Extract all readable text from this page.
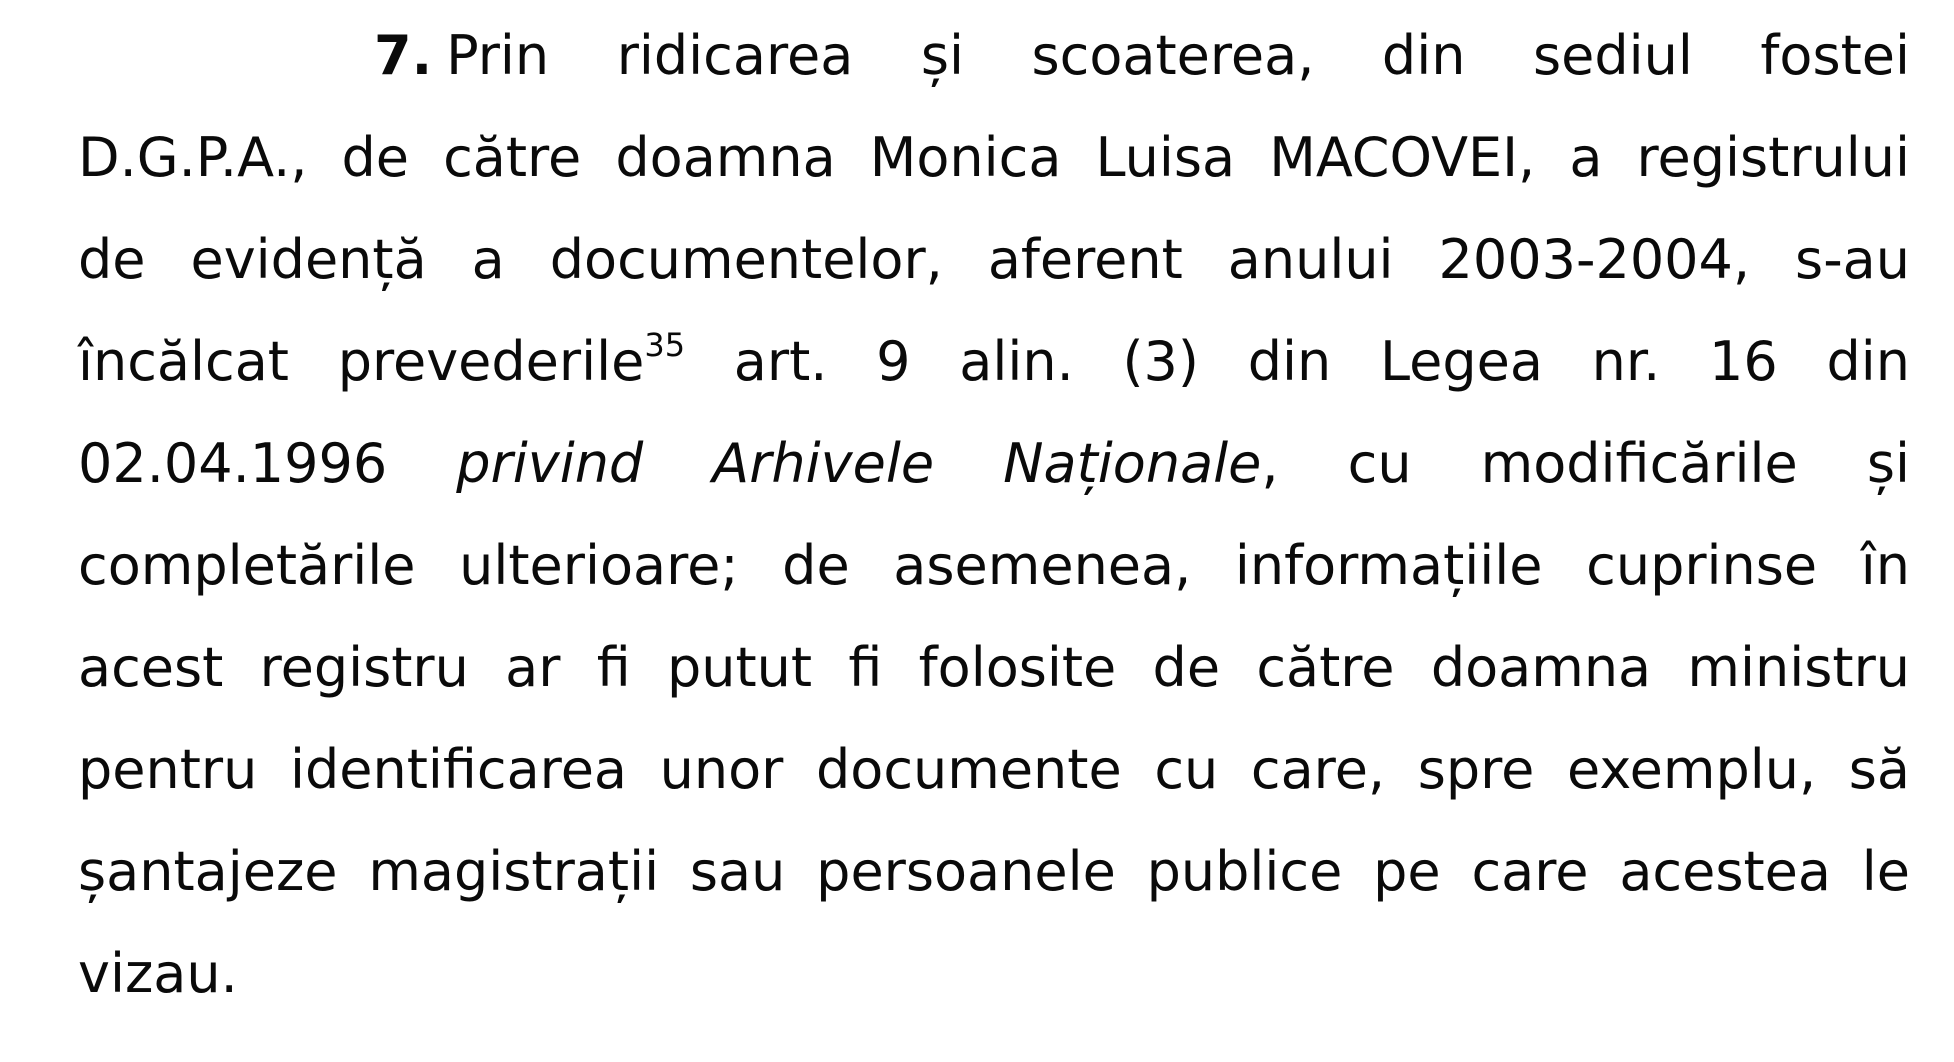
7. Prin ridicarea și scoaterea, din sediul fostei
D.G.P.A., de către doamna Monica Luisa MACOVEI, a registrului
de evidență a documentelor, aferent anului 2003-2004, s-au
încălcat prevederile$^{35}$ art. 9 alin. (3) din Legea nr. 16 din
02.04.1996 privind Arhivele Naționale, cu modificările și
completările ulterioare; de asemenea, informațiile cuprinse în
acest registru ar fi putut fi folosite de către doamna ministru
pentru identificarea unor documente cu care, spre exemplu, să
șantajeze magistrații sau persoanele publice pe care acestea le
vizau.
